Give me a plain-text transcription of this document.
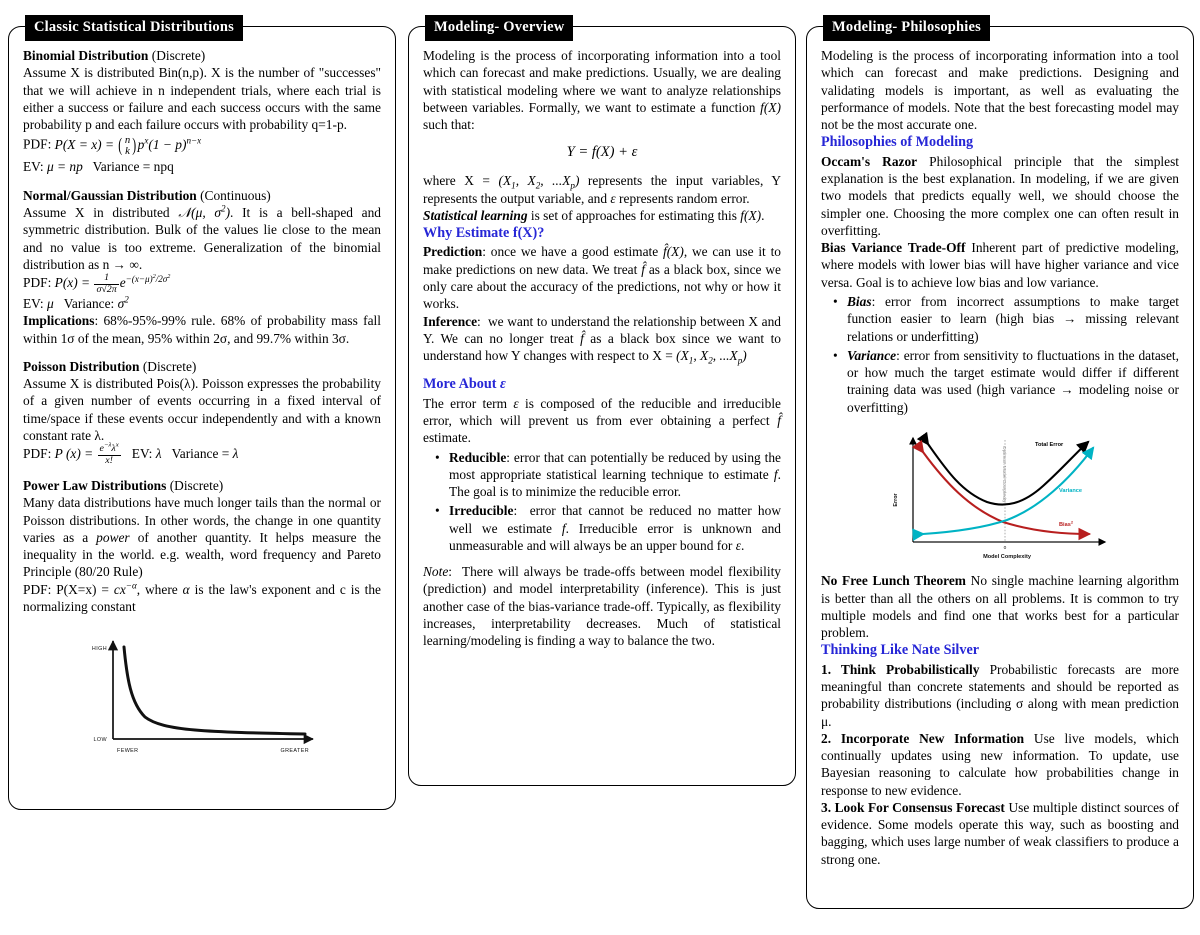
Classic Statistical Distributions
Binomial Distribution (Discrete)
Assume X is distributed Bin(n,p). X is the number of "successes" that we will achieve in n independent trials, where each trial is either a success or failure and each success occurs with the same probability p and each failure occurs with probability q=1-p.
PDF: P(X = x) = ( n
k )$p^x(1 - p)^{n-x}$
EV: μ = np Variance = npq
Normal/Gaussian Distribution (Continuous)
Assume X in distributed 𝒩(μ, $\sigma^2$). It is a bell-shaped and symmetric distribution. Bulk of the values lie close to the mean and no value is too extreme. Generalization of the binomial distribution as n → ∞.
PDF: $P(x) = \frac{1}{\sigma√2\pi} e^{-(x-\mu)^2/2\sigma^2}$
EV: μ Variance: $\sigma^2$
Implications: 68%-95%-99% rule. 68% of probability mass fall within 1σ of the mean, 95% within 2σ, and 99.7% within 3σ.
Poisson Distribution (Discrete)
Assume X is distributed Pois(λ). Poisson expresses the probability of a given number of events occurring in a fixed interval of time/space if these events occur independently and with a known constant rate λ.
PDF: P $(x) = \frac{e^{-\lambda}\lambda^x}{x!}$ EV: λ Variance = λ
Power Law Distributions (Discrete)
Many data distributions have much longer tails than the normal or Poisson distributions. In other words, the change in one quantity varies as a power of another quantity. It helps measure the inequality in the world. e.g. wealth, word frequency and Pareto Principle (80/20 Rule)
PDF: $P(X=x) = cx^{-\alpha}$, where α is the law's exponent and c is the normalizing constant
HIGH
LOW
FEWER	GREATER
Modeling- Overview
Modeling is the process of incorporating information into a tool which can forecast and make predictions. Usually, we are dealing with statistical modeling where we want to analyze relationships between variables. Formally, we want to estimate a function f(X) such that:
Y = f(X) + ε
where $X = (X_1$, $X_2$, $...X_p$) represents the input variables, Y represents the output variable, and ε represents random error.
Statistical learning is set of approaches for estimating this f(X).
Why Estimate f(X)?
Prediction: once we have a good estimate f̂(X), we can use it to make predictions on new data. We treat f̂ as a black box, since we only care about the accuracy of the predictions, not why or how it works.
Inference:  we want to understand the relationship between X and Y. We can no longer treat f̂ as a black box since we want to understand how Y changes with respect to $X = (X_1$, $X_2$, $...X_p$)
More About ε
The error term ε is composed of the reducible and irreducible error, which will prevent us from ever obtaining a perfect f̂ estimate.
• Reducible: error that can potentially be reduced by using the most appropriate statistical learning technique to estimate f. The goal is to minimize the reducible error.
• Irreducible:  error that cannot be reduced no matter how well we estimate f. Irreducible error is unknown and unmeasurable and will always be an upper bound for ε.
Note:  There will always be trade-offs between model flexibility (prediction) and model interpretability (inference). This is just another case of the bias-variance trade-off. Typically, as flexibility increases, interpretability decreases. Much of statistical learning/modeling is finding a way to balance the two.
Modeling- Philosophies
Modeling is the process of incorporating information into a tool which can forecast and make predictions. Designing and validating models is important, as well as evaluating the performance of models. Note that the best forecasting model may not be the most accurate one.
Philosophies of Modeling
Occam's Razor Philosophical principle that the simplest explanation is the best explanation. In modeling, if we are given two models that predicts equally well, we should choose the simpler one. Choosing the more complex one can often result in overfitting.
Bias Variance Trade-Off Inherent part of predictive modeling, where models with lower bias will have higher variance and vice versa. Goal is to achieve low bias and low variance.
• Bias: error from incorrect assumptions to make target function easier to learn (high bias → missing relevant relations or underfitting)
• Variance: error from sensitivity to fluctuations in the dataset, or how much the target estimate would differ if different training data was used (high variance → modeling noise or overfitting)
Optimum Model Complexity
Total Error
Variance
Bias$^2$
Error
Model Complexity
0
No Free Lunch Theorem No single machine learning algorithm is better than all the others on all problems. It is common to try multiple models and find one that works best for a particular problem.
Thinking Like Nate Silver
1. Think Probabilistically Probabilistic forecasts are more meaningful than concrete statements and should be reported as probability distributions (including σ along with mean prediction μ.
2. Incorporate New Information Use live models, which continually updates using new information. To update, use Bayesian reasoning to calculate how probabilities change in response to new evidence.
3. Look For Consensus Forecast Use multiple distinct sources of evidence. Some models operate this way, such as boosting and bagging, which uses large number of weak classifiers to produce a strong one.
